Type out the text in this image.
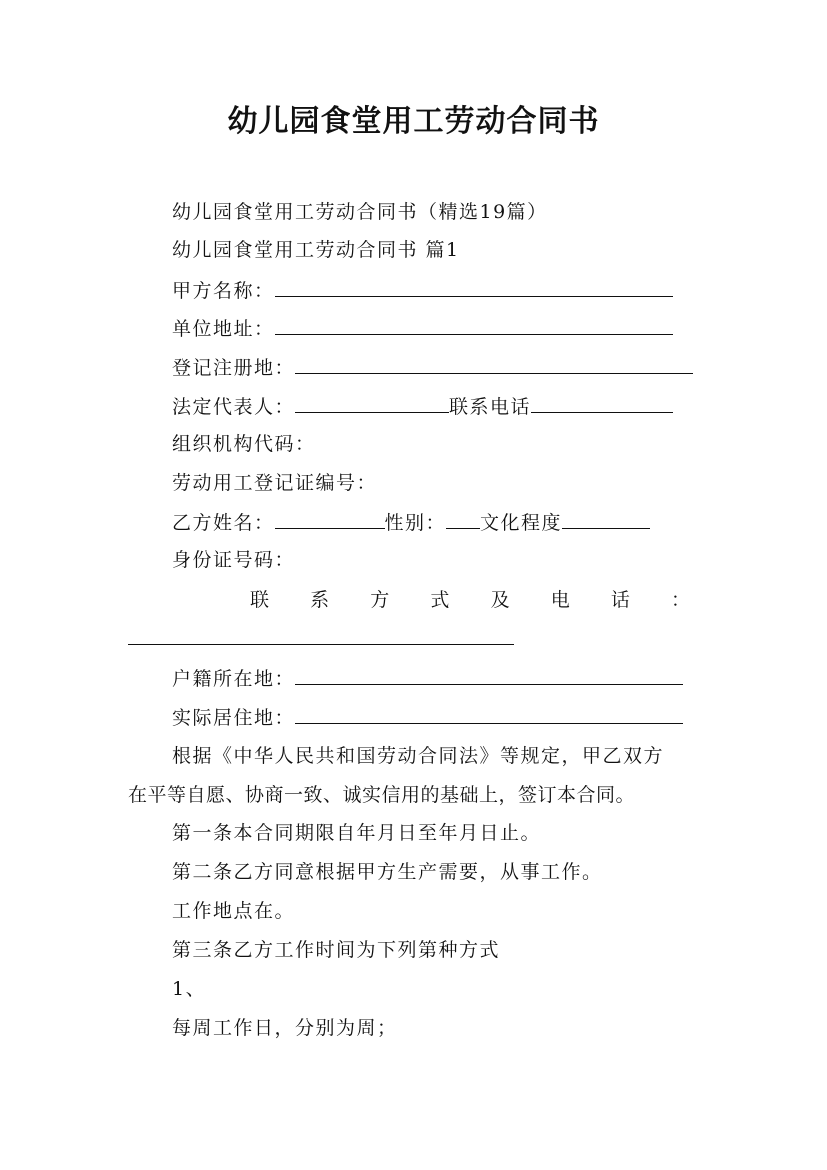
幼儿园食堂用工劳动合同书
幼儿园食堂用工劳动合同书（精选19篇）
幼儿园食堂用工劳动合同书 篇1
甲方名称：
单位地址：
登记注册地：
法定代表人：	联系电话
组织机构代码：
劳动用工登记证编号：
乙方姓名：	性别： 文化程度
身份证号码：
联 系 方 式 及 电 话 ：
户籍所在地：
实际居住地：
根据《中华人民共和国劳动合同法》等规定，甲乙双方
在平等自愿、协商一致、诚实信用的基础上，签订本合同。
第一条本合同期限自年月日至年月日止。
第二条乙方同意根据甲方生产需要，从事工作。
工作地点在。
第三条乙方工作时间为下列第种方式
1、
每周工作日，分别为周；
